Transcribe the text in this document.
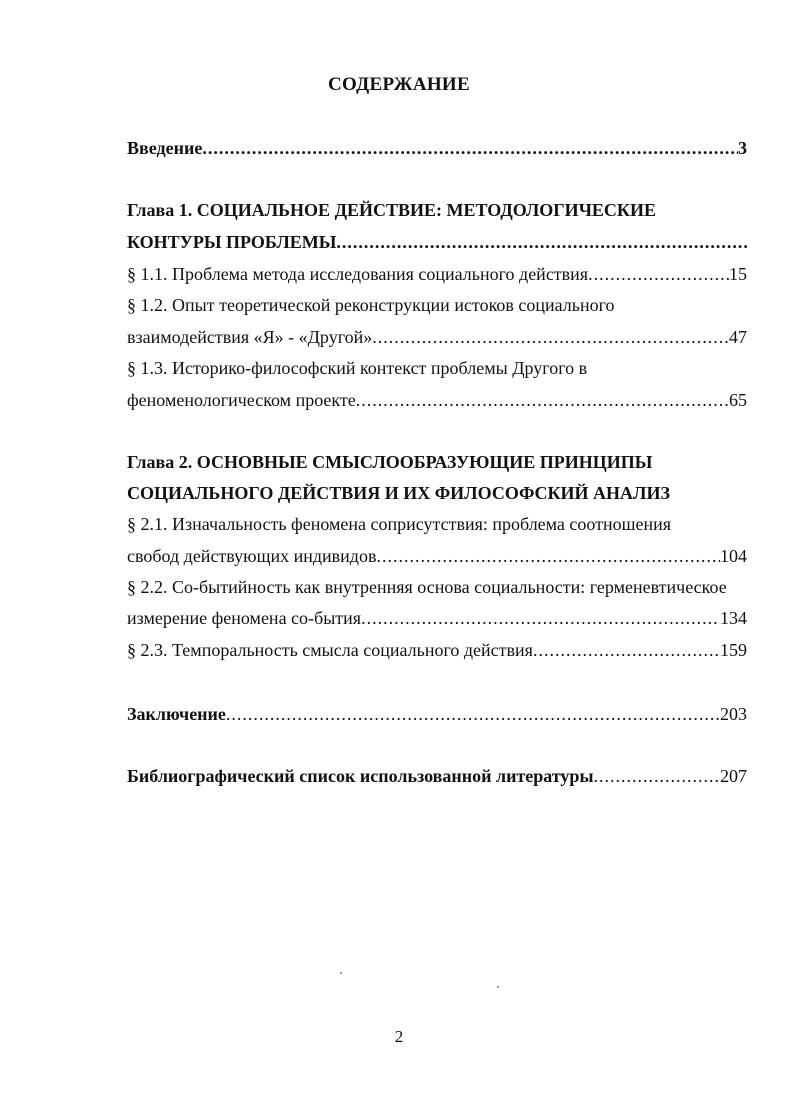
СОДЕРЖАНИЕ
Введение .....	3
Глава 1. СОЦИАЛЬНОЕ ДЕЙСТВИЕ: МЕТОДОЛОГИЧЕСКИЕ
КОНТУРЫ ПРОБЛЕМЫ
.....
§ 1.1. Проблема метода исследования социального действия .....	15
§ 1.2. Опыт теоретической реконструкции истоков социального
взаимодействия «Я» - «Другой» .....	47
§ 1.3. Историко-философский контекст проблемы Другого в
феноменологическом проекте .....	65
Глава 2. ОСНОВНЫЕ СМЫСЛООБРАЗУЮЩИЕ ПРИНЦИПЫ
СОЦИАЛЬНОГО ДЕЙСТВИЯ И ИХ ФИЛОСОФСКИЙ АНАЛИЗ
§ 2.1. Изначальность феномена соприсутствия: проблема соотношения
свобод действующих индивидов .....	104
§ 2.2. Со-бытийность как внутренняя основа социальности: герменевтическое
измерение феномена со-бытия .....	134
§ 2.3. Темпоральность смысла социального действия .....	159
Заключение .....	203
Библиографический список использованной литературы .....	207
2
